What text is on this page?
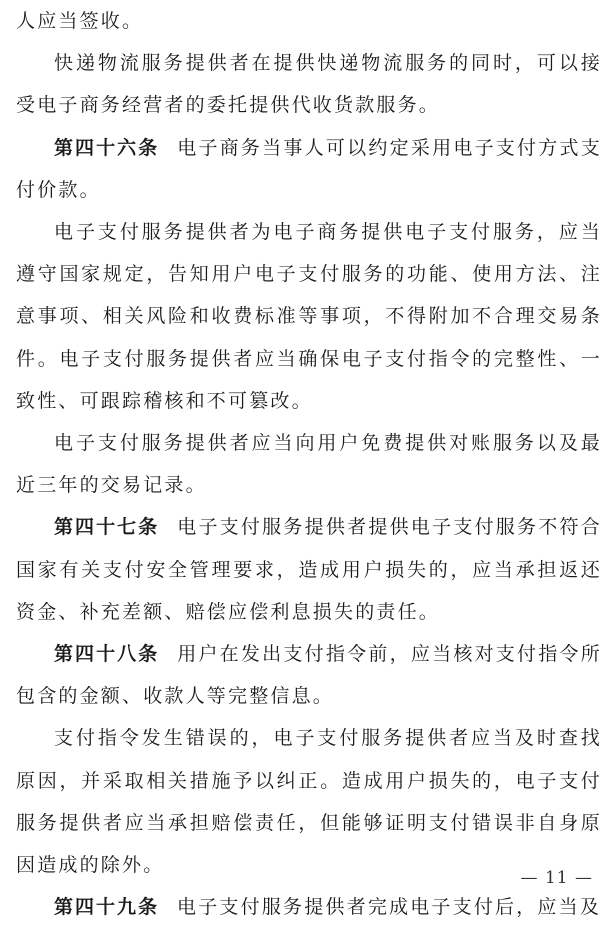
人应当签收。

快递物流服务提供者在提供快递物流服务的同时，可以接受电子商务经营者的委托提供代收货款服务。

第四十六条 电子商务当事人可以约定采用电子支付方式支付价款。

电子支付服务提供者为电子商务提供电子支付服务，应当遵守国家规定，告知用户电子支付服务的功能、使用方法、注意事项、相关风险和收费标准等事项，不得附加不合理交易条件。电子支付服务提供者应当确保电子支付指令的完整性、一致性、可跟踪稽核和不可篡改。

电子支付服务提供者应当向用户免费提供对账服务以及最近三年的交易记录。

第四十七条 电子支付服务提供者提供电子支付服务不符合国家有关支付安全管理要求，造成用户损失的，应当承担返还资金、补充差额、赔偿应偿利息损失的责任。

第四十八条 用户在发出支付指令前，应当核对支付指令所包含的金额、收款人等完整信息。

支付指令发生错误的，电子支付服务提供者应当及时查找原因，并采取相关措施予以纠正。造成用户损失的，电子支付服务提供者应当承担赔偿责任，但能够证明支付错误非自身原因造成的除外。

第四十九条 电子支付服务提供者完成电子支付后，应当及

— 11 —
